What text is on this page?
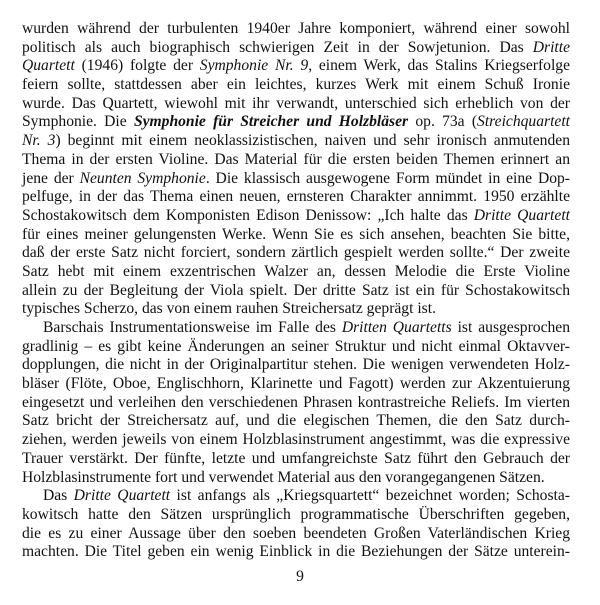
wurden während der turbulenten 1940er Jahre komponiert, während einer sowohl
politisch als auch biographisch schwierigen Zeit in der Sowjetunion. Das Dritte
Quartett (1946) folgte der Symphonie Nr. 9, einem Werk, das Stalins Kriegserfolge
feiern sollte, stattdessen aber ein leichtes, kurzes Werk mit einem Schuß Ironie
wurde. Das Quartett, wiewohl mit ihr verwandt, unterschied sich erheblich von der
Symphonie. Die Symphonie für Streicher und Holzbläser op. 73a (Streichquartett
Nr. 3) beginnt mit einem neoklassizistischen, naiven und sehr ironisch anmutenden
Thema in der ersten Violine. Das Material für die ersten beiden Themen erinnert an
jene der Neunten Symphonie. Die klassisch ausgewogene Form mündet in eine Dop-
pelfuge, in der das Thema einen neuen, ernsteren Charakter annimmt. 1950 erzählte
Schostakowitsch dem Komponisten Edison Denissow: „Ich halte das Dritte Quartett
für eines meiner gelungensten Werke. Wenn Sie es sich ansehen, beachten Sie bitte,
daß der erste Satz nicht forciert, sondern zärtlich gespielt werden sollte.“ Der zweite
Satz hebt mit einem exzentrischen Walzer an, dessen Melodie die Erste Violine
allein zu der Begleitung der Viola spielt. Der dritte Satz ist ein für Schostakowitsch
typisches Scherzo, das von einem rauhen Streichersatz geprägt ist.
Barschais Instrumentationsweise im Falle des Dritten Quartetts ist ausgesprochen
gradlinig – es gibt keine Änderungen an seiner Struktur und nicht einmal Oktavver-
dopplungen, die nicht in der Originalpartitur stehen. Die wenigen verwendeten Holz-
bläser (Flöte, Oboe, Englischhorn, Klarinette und Fagott) werden zur Akzentuierung
eingesetzt und verleihen den verschiedenen Phrasen kontrastreiche Reliefs. Im vierten
Satz bricht der Streichersatz auf, und die elegischen Themen, die den Satz durch-
ziehen, werden jeweils von einem Holzblasinstrument angestimmt, was die expressive
Trauer verstärkt. Der fünfte, letzte und umfangreichste Satz führt den Gebrauch der
Holzblasinstrumente fort und verwendet Material aus den vorangegangenen Sätzen.
Das Dritte Quartett ist anfangs als „Kriegsquartett“ bezeichnet worden; Schosta-
kowitsch hatte den Sätzen ursprünglich programmatische Überschriften gegeben,
die es zu einer Aussage über den soeben beendeten Großen Vaterländischen Krieg
machten. Die Titel geben ein wenig Einblick in die Beziehungen der Sätze unterein-
9
